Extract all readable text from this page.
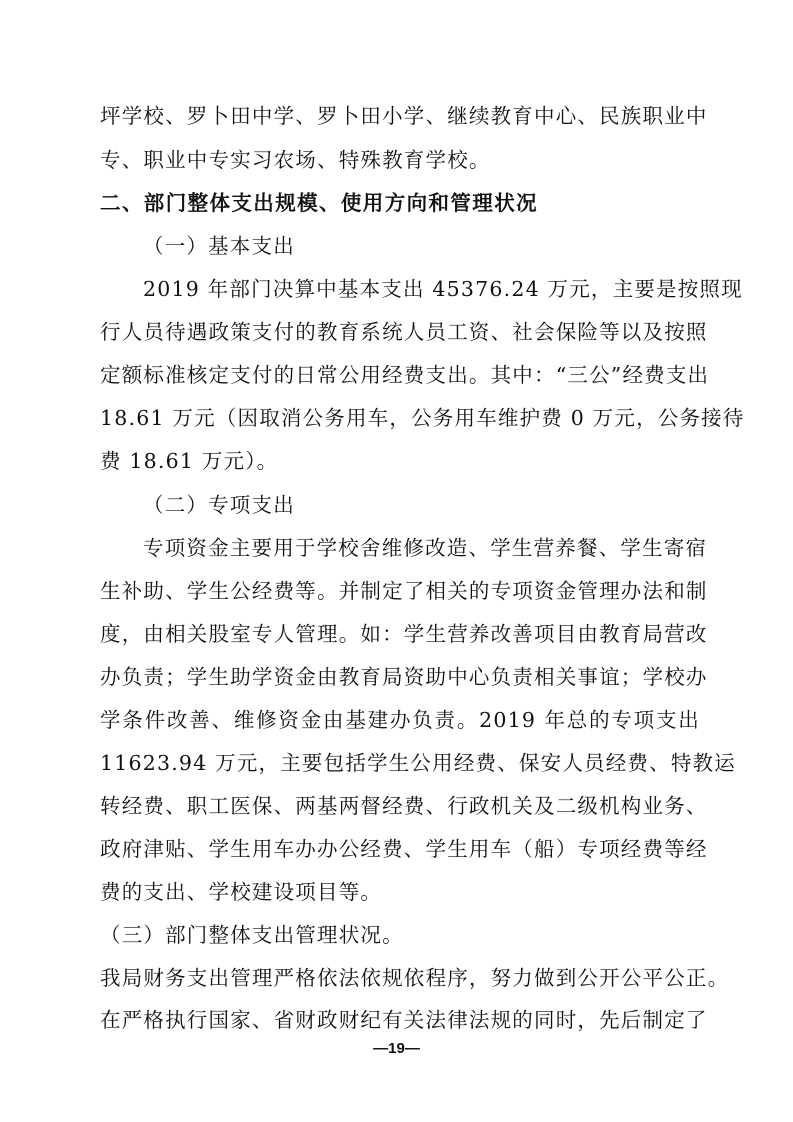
坪学校、罗卜田中学、罗卜田小学、继续教育中心、民族职业中
专、职业中专实习农场、特殊教育学校。
二、部门整体支出规模、使用方向和管理状况
（一）基本支出
2019 年部门决算中基本支出 45376.24 万元，主要是按照现
行人员待遇政策支付的教育系统人员工资、社会保险等以及按照
定额标准核定支付的日常公用经费支出。其中：“三公”经费支出
18.61 万元（因取消公务用车，公务用车维护费 0 万元，公务接待
费 18.61 万元）。
（二）专项支出
专项资金主要用于学校舍维修改造、学生营养餐、学生寄宿
生补助、学生公经费等。并制定了相关的专项资金管理办法和制
度，由相关股室专人管理。如：学生营养改善项目由教育局营改
办负责；学生助学资金由教育局资助中心负责相关事谊；学校办
学条件改善、维修资金由基建办负责。2019 年总的专项支出
11623.94 万元，主要包括学生公用经费、保安人员经费、特教运
转经费、职工医保、两基两督经费、行政机关及二级机构业务、
政府津贴、学生用车办办公经费、学生用车（船）专项经费等经
费的支出、学校建设项目等。
（三）部门整体支出管理状况。
我局财务支出管理严格依法依规依程序，努力做到公开公平公正。
在严格执行国家、省财政财纪有关法律法规的同时，先后制定了
—19—
